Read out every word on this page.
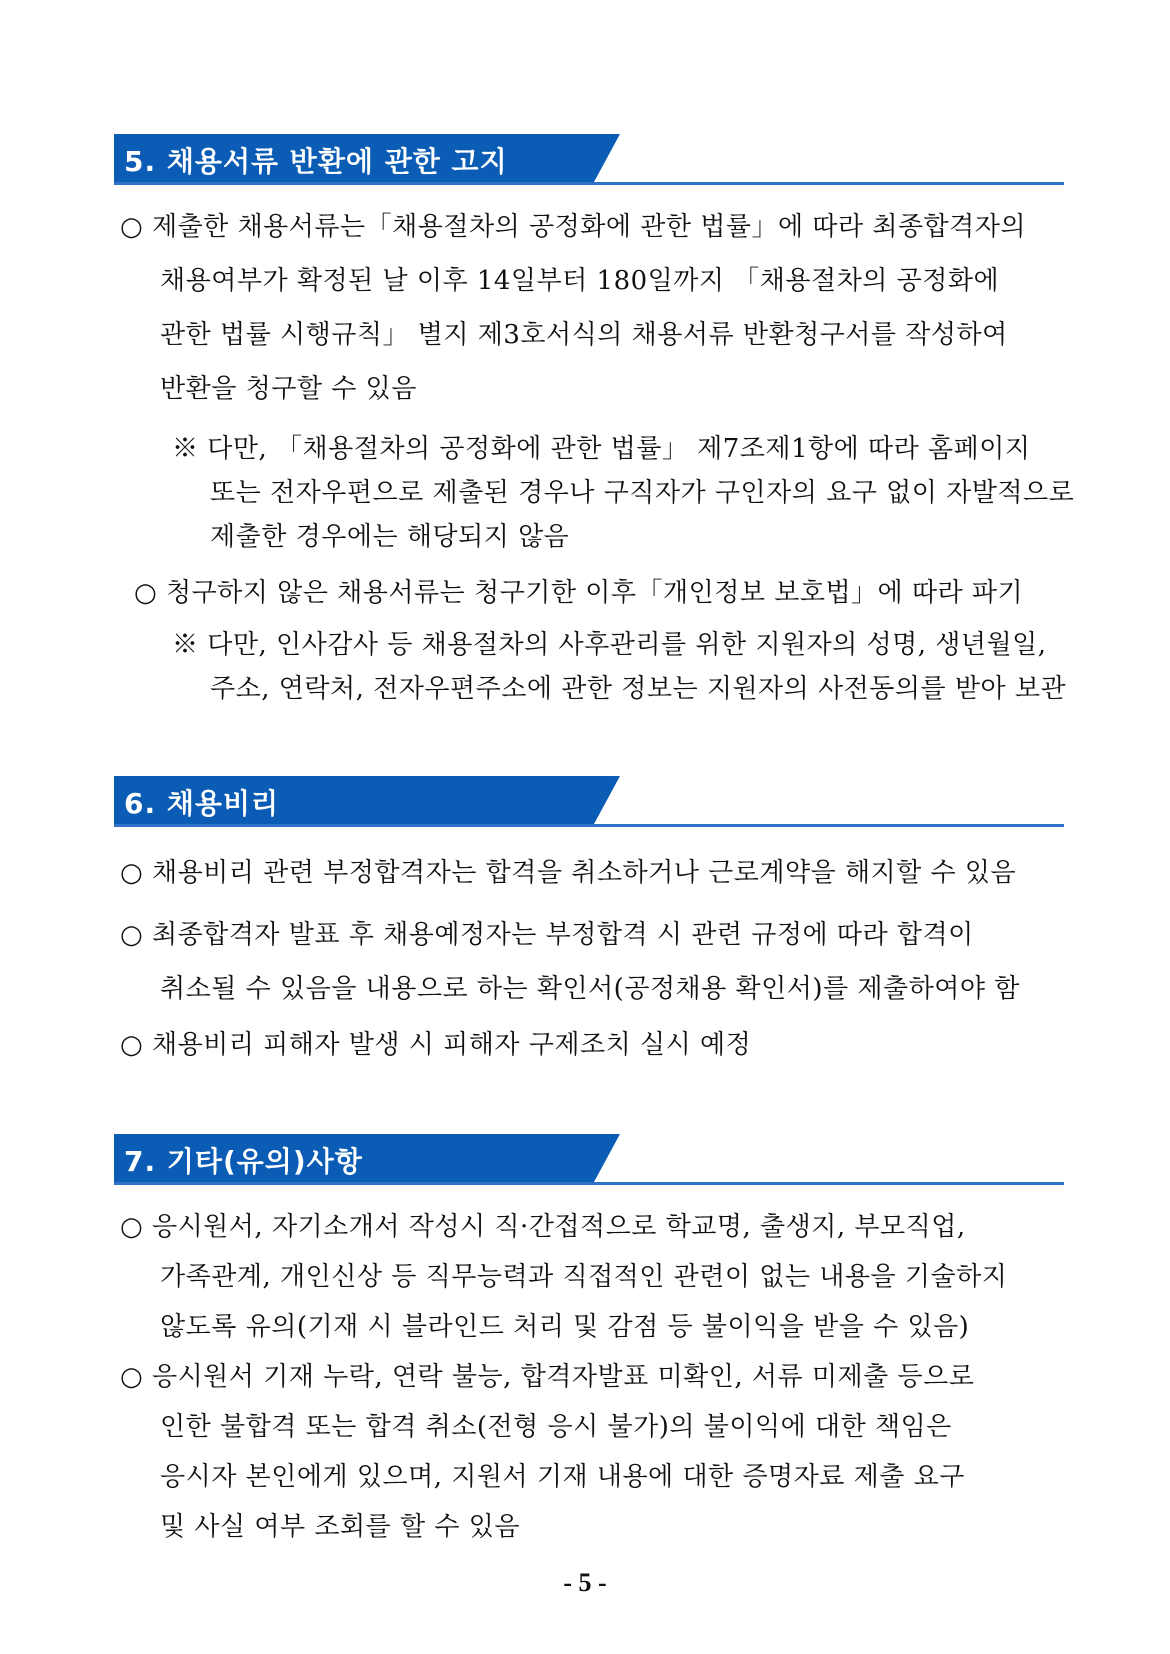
5. 채용서류 반환에 관한 고지
○ 제출한 채용서류는「채용절차의 공정화에 관한 법률」에 따라 최종합격자의
채용여부가 확정된 날 이후 14일부터 180일까지 「채용절차의 공정화에
관한 법률 시행규칙」 별지 제3호서식의 채용서류 반환청구서를 작성하여
반환을 청구할 수 있음
※ 다만, 「채용절차의 공정화에 관한 법률」 제7조제1항에 따라 홈페이지
또는 전자우편으로 제출된 경우나 구직자가 구인자의 요구 없이 자발적으로
제출한 경우에는 해당되지 않음
○ 청구하지 않은 채용서류는 청구기한 이후「개인정보 보호법」에 따라 파기
※ 다만, 인사감사 등 채용절차의 사후관리를 위한 지원자의 성명, 생년월일,
주소, 연락처, 전자우편주소에 관한 정보는 지원자의 사전동의를 받아 보관
6. 채용비리
○ 채용비리 관련 부정합격자는 합격을 취소하거나 근로계약을 해지할 수 있음
○ 최종합격자 발표 후 채용예정자는 부정합격 시 관련 규정에 따라 합격이
취소될 수 있음을 내용으로 하는 확인서(공정채용 확인서)를 제출하여야 함
○ 채용비리 피해자 발생 시 피해자 구제조치 실시 예정
7. 기타(유의)사항
○ 응시원서, 자기소개서 작성시 직·간접적으로 학교명, 출생지, 부모직업,
가족관계, 개인신상 등 직무능력과 직접적인 관련이 없는 내용을 기술하지
않도록 유의(기재 시 블라인드 처리 및 감점 등 불이익을 받을 수 있음)
○ 응시원서 기재 누락, 연락 불능, 합격자발표 미확인, 서류 미제출 등으로
인한 불합격 또는 합격 취소(전형 응시 불가)의 불이익에 대한 책임은
응시자 본인에게 있으며, 지원서 기재 내용에 대한 증명자료 제출 요구
및 사실 여부 조회를 할 수 있음
- 5 -
